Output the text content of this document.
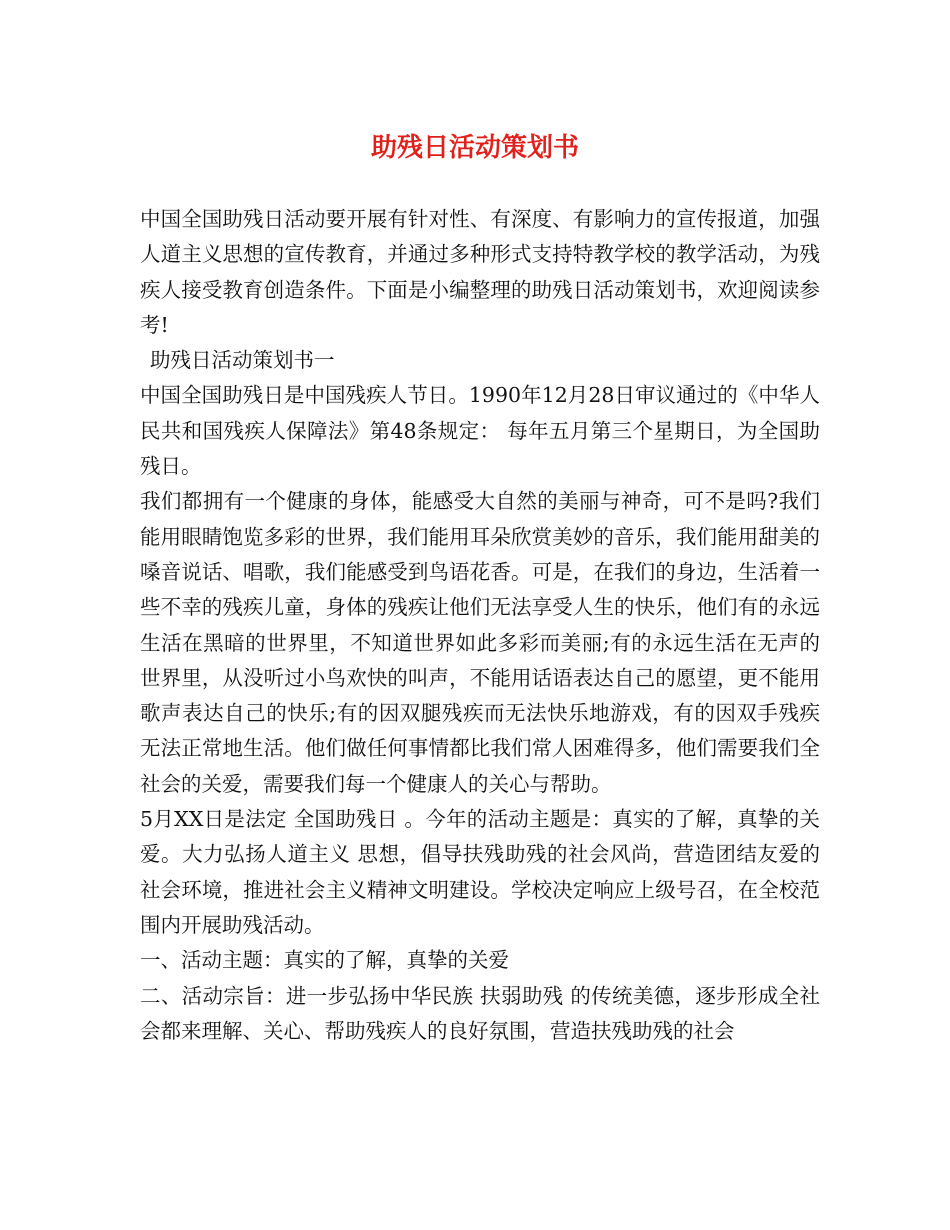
助残日活动策划书

中国全国助残日活动要开展有针对性、有深度、有影响力的宣传报道，加强人道主义思想的宣传教育，并通过多种形式支持特教学校的教学活动，为残疾人接受教育创造条件。下面是小编整理的助残日活动策划书，欢迎阅读参考!

助残日活动策划书一

中国全国助残日是中国残疾人节日。1990年12月28日审议通过的《中华人民共和国残疾人保障法》第48条规定： 每年五月第三个星期日，为全国助残日。

我们都拥有一个健康的身体，能感受大自然的美丽与神奇，可不是吗?我们能用眼睛饱览多彩的世界，我们能用耳朵欣赏美妙的音乐，我们能用甜美的嗓音说话、唱歌，我们能感受到鸟语花香。可是，在我们的身边，生活着一些不幸的残疾儿童，身体的残疾让他们无法享受人生的快乐，他们有的永远生活在黑暗的世界里，不知道世界如此多彩而美丽;有的永远生活在无声的世界里，从没听过小鸟欢快的叫声，不能用话语表达自己的愿望，更不能用歌声表达自己的快乐;有的因双腿残疾而无法快乐地游戏，有的因双手残疾无法正常地生活。他们做任何事情都比我们常人困难得多，他们需要我们全社会的关爱，需要我们每一个健康人的关心与帮助。

5月XX日是法定 全国助残日 。今年的活动主题是：真实的了解，真挚的关爱。大力弘扬人道主义 思想，倡导扶残助残的社会风尚，营造团结友爱的社会环境，推进社会主义精神文明建设。学校决定响应上级号召，在全校范围内开展助残活动。

一、活动主题：真实的了解，真挚的关爱

二、活动宗旨：进一步弘扬中华民族 扶弱助残 的传统美德，逐步形成全社会都来理解、关心、帮助残疾人的良好氛围，营造扶残助残的社会
